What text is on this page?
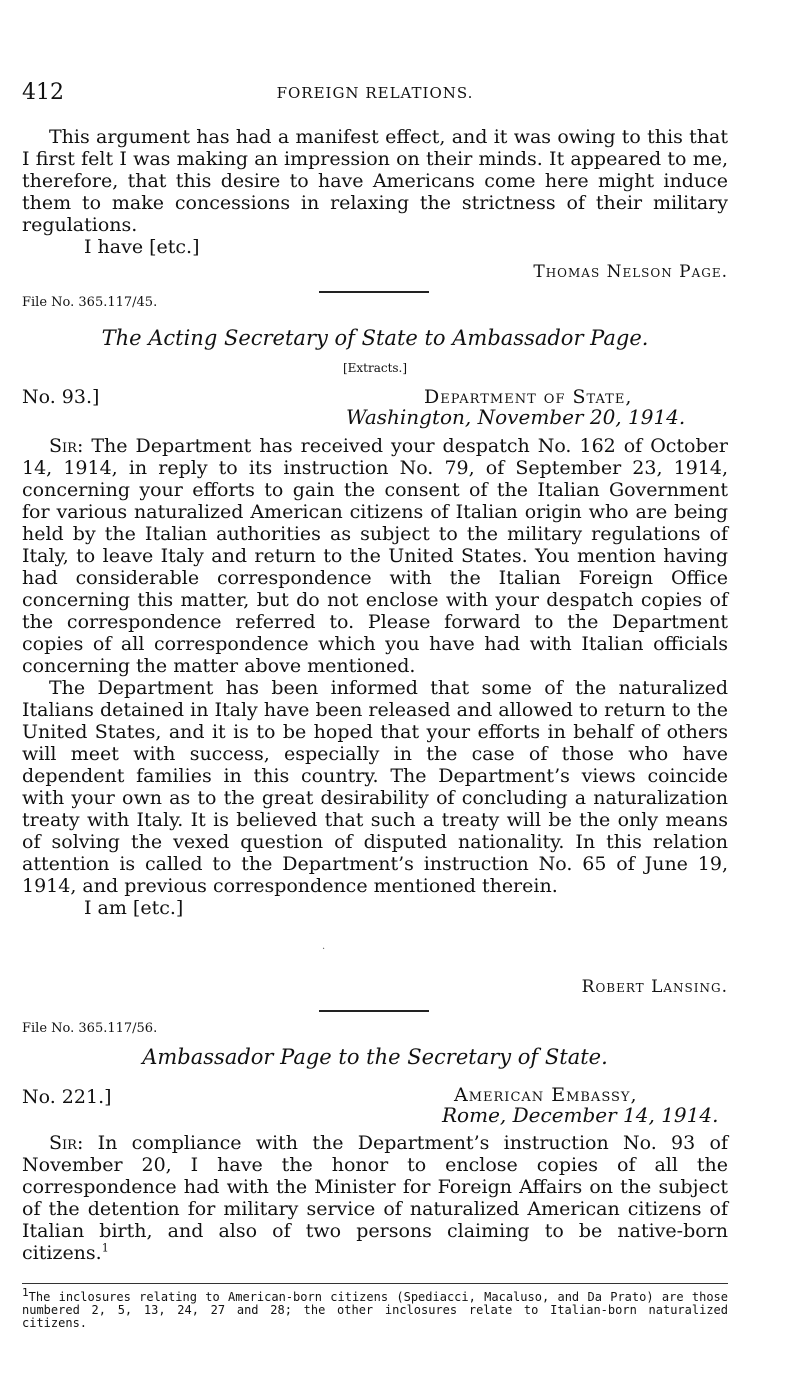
412	FOREIGN RELATIONS.

This argument has had a manifest effect, and it was owing to this that I first felt I was making an impression on their minds. It appeared to me, therefore, that this desire to have Americans come here might induce them to make concessions in relaxing the strictness of their military regulations.

I have [etc.]
Thomas Nelson Page.
File No. 365.117/45.
The Acting Secretary of State to Ambassador Page.
[Extracts.]
No. 93.]	Department of State,
Washington, November 20, 1914.

Sir: The Department has received your despatch No. 162 of October 14, 1914, in reply to its instruction No. 79, of September 23, 1914, concerning your efforts to gain the consent of the Italian Government for various naturalized American citizens of Italian origin who are being held by the Italian authorities as subject to the military regulations of Italy, to leave Italy and return to the United States. You mention having had considerable correspondence with the Italian Foreign Office concerning this matter, but do not enclose with your despatch copies of the correspondence referred to. Please forward to the Department copies of all correspondence which you have had with Italian officials concerning the matter above mentioned.

The Department has been informed that some of the naturalized Italians detained in Italy have been released and allowed to return to the United States, and it is to be hoped that your efforts in behalf of others will meet with success, especially in the case of those who have dependent families in this country. The Department’s views coincide with your own as to the great desirability of concluding a naturalization treaty with Italy. It is believed that such a treaty will be the only means of solving the vexed question of disputed nationality. In this relation attention is called to the Department’s instruction No. 65 of June 19, 1914, and previous correspondence mentioned therein.

I am [etc.]
·
Robert Lansing.
File No. 365.117/56.
Ambassador Page to the Secretary of State.
No. 221.]	American Embassy,
Rome, December 14, 1914.

Sir: In compliance with the Department’s instruction No. 93 of November 20, I have the honor to enclose copies of all the correspondence had with the Minister for Foreign Affairs on the subject of the detention for military service of naturalized American citizens of Italian birth, and also of two persons claiming to be native-born citizens.$^1$

$^1$The inclosures relating to American-born citizens (Spediacci, Macaluso, and Da Prato) are those numbered 2, 5, 13, 24, 27 and 28; the other inclosures relate to Italian-born naturalized citizens.
